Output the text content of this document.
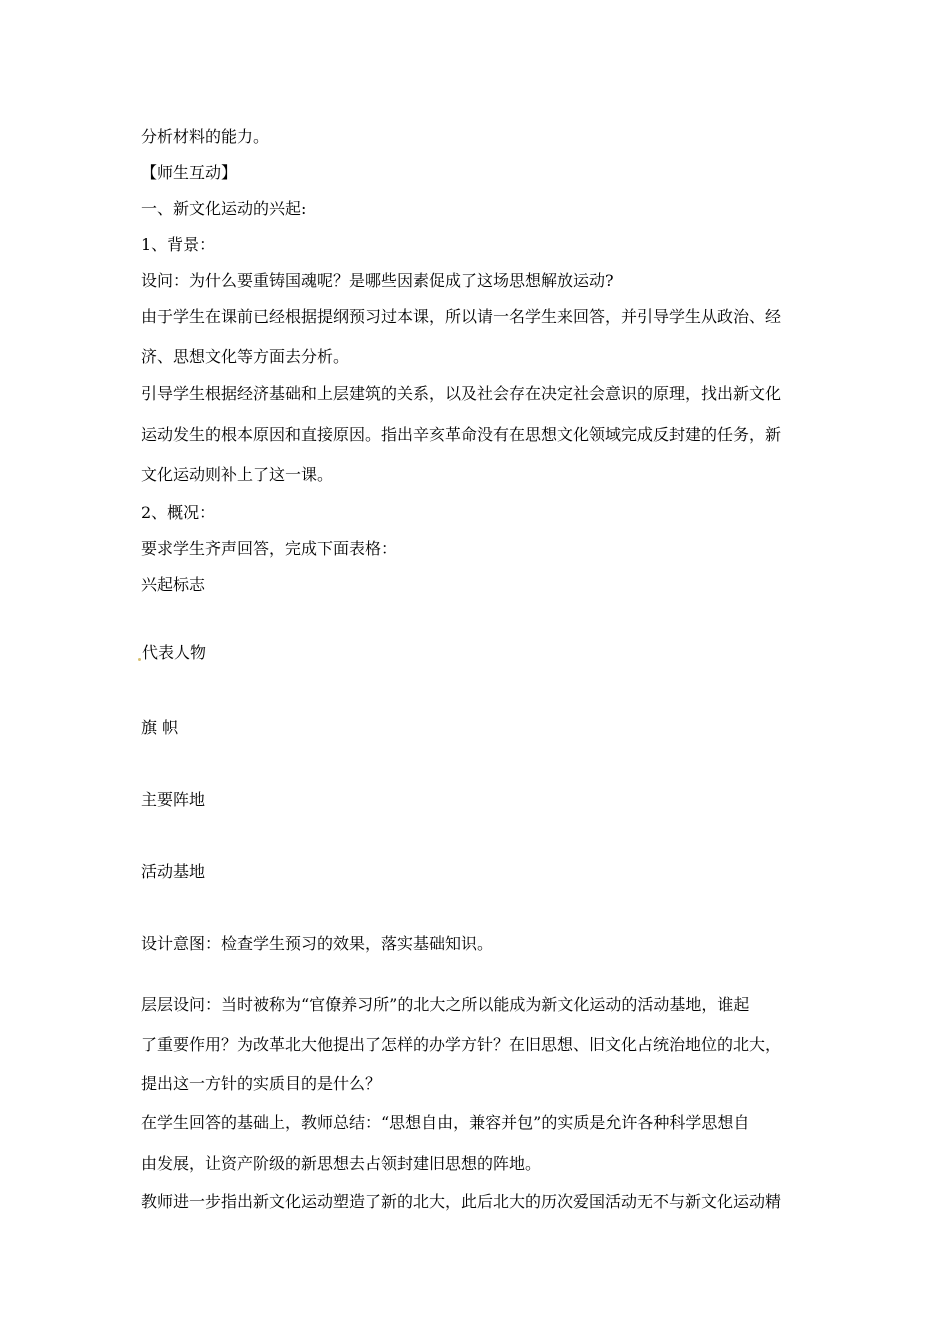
分析材料的能力。
【师生互动】
一、新文化运动的兴起:
1、背景：
设问：为什么要重铸国魂呢？是哪些因素促成了这场思想解放运动?
由于学生在课前已经根据提纲预习过本课，所以请一名学生来回答，并引导学生从政治、经
济、思想文化等方面去分析。
引导学生根据经济基础和上层建筑的关系，以及社会存在决定社会意识的原理，找出新文化
运动发生的根本原因和直接原因。指出辛亥革命没有在思想文化领域完成反封建的任务，新
文化运动则补上了这一课。
2、概况：
要求学生齐声回答，完成下面表格：
兴起标志
代表人物
旗 帜
主要阵地
活动基地
设计意图：检查学生预习的效果，落实基础知识。
层层设问：当时被称为“官僚养习所”的北大之所以能成为新文化运动的活动基地，谁起
了重要作用？为改革北大他提出了怎样的办学方针？在旧思想、旧文化占统治地位的北大，
提出这一方针的实质目的是什么？
在学生回答的基础上，教师总结：“思想自由，兼容并包”的实质是允许各种科学思想自
由发展，让资产阶级的新思想去占领封建旧思想的阵地。
教师进一步指出新文化运动塑造了新的北大，此后北大的历次爱国活动无不与新文化运动精
